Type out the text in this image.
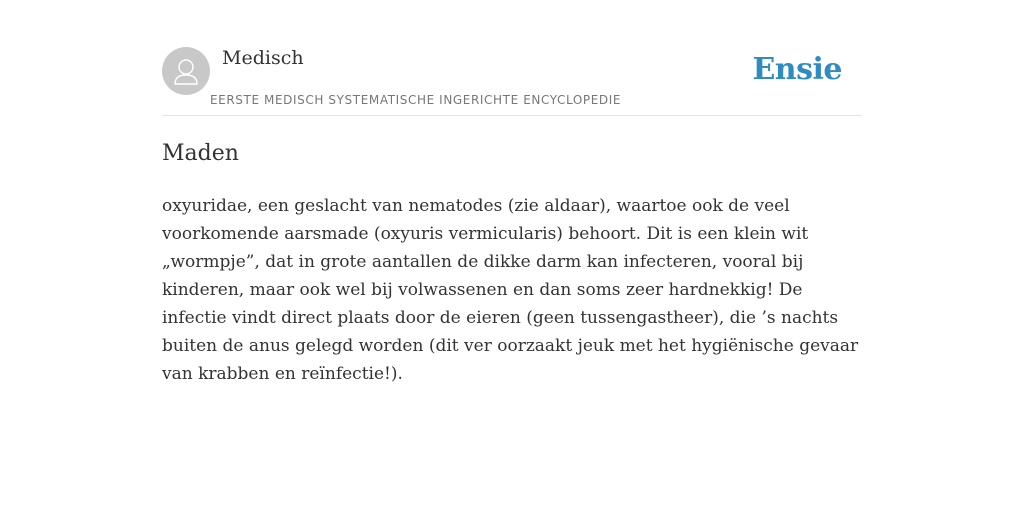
Medisch
EERSTE MEDISCH SYSTEMATISCHE INGERICHTE ENCYCLOPEDIE
Ensie
Maden

oxyuridae, een geslacht van nematodes (zie aldaar), waartoe ook de veel voorkomende aarsmade (oxyuris vermicularis) behoort. Dit is een klein wit „wormpje”, dat in grote aantallen de dikke darm kan infecteren, vooral bij kinderen, maar ook wel bij volwassenen en dan soms zeer hardnekkig! De infectie vindt direct plaats door de eieren (geen tussengastheer), die ’s nachts buiten de anus gelegd worden (dit ver oorzaakt jeuk met het hygiënische gevaar van krabben en reïnfectie!).
